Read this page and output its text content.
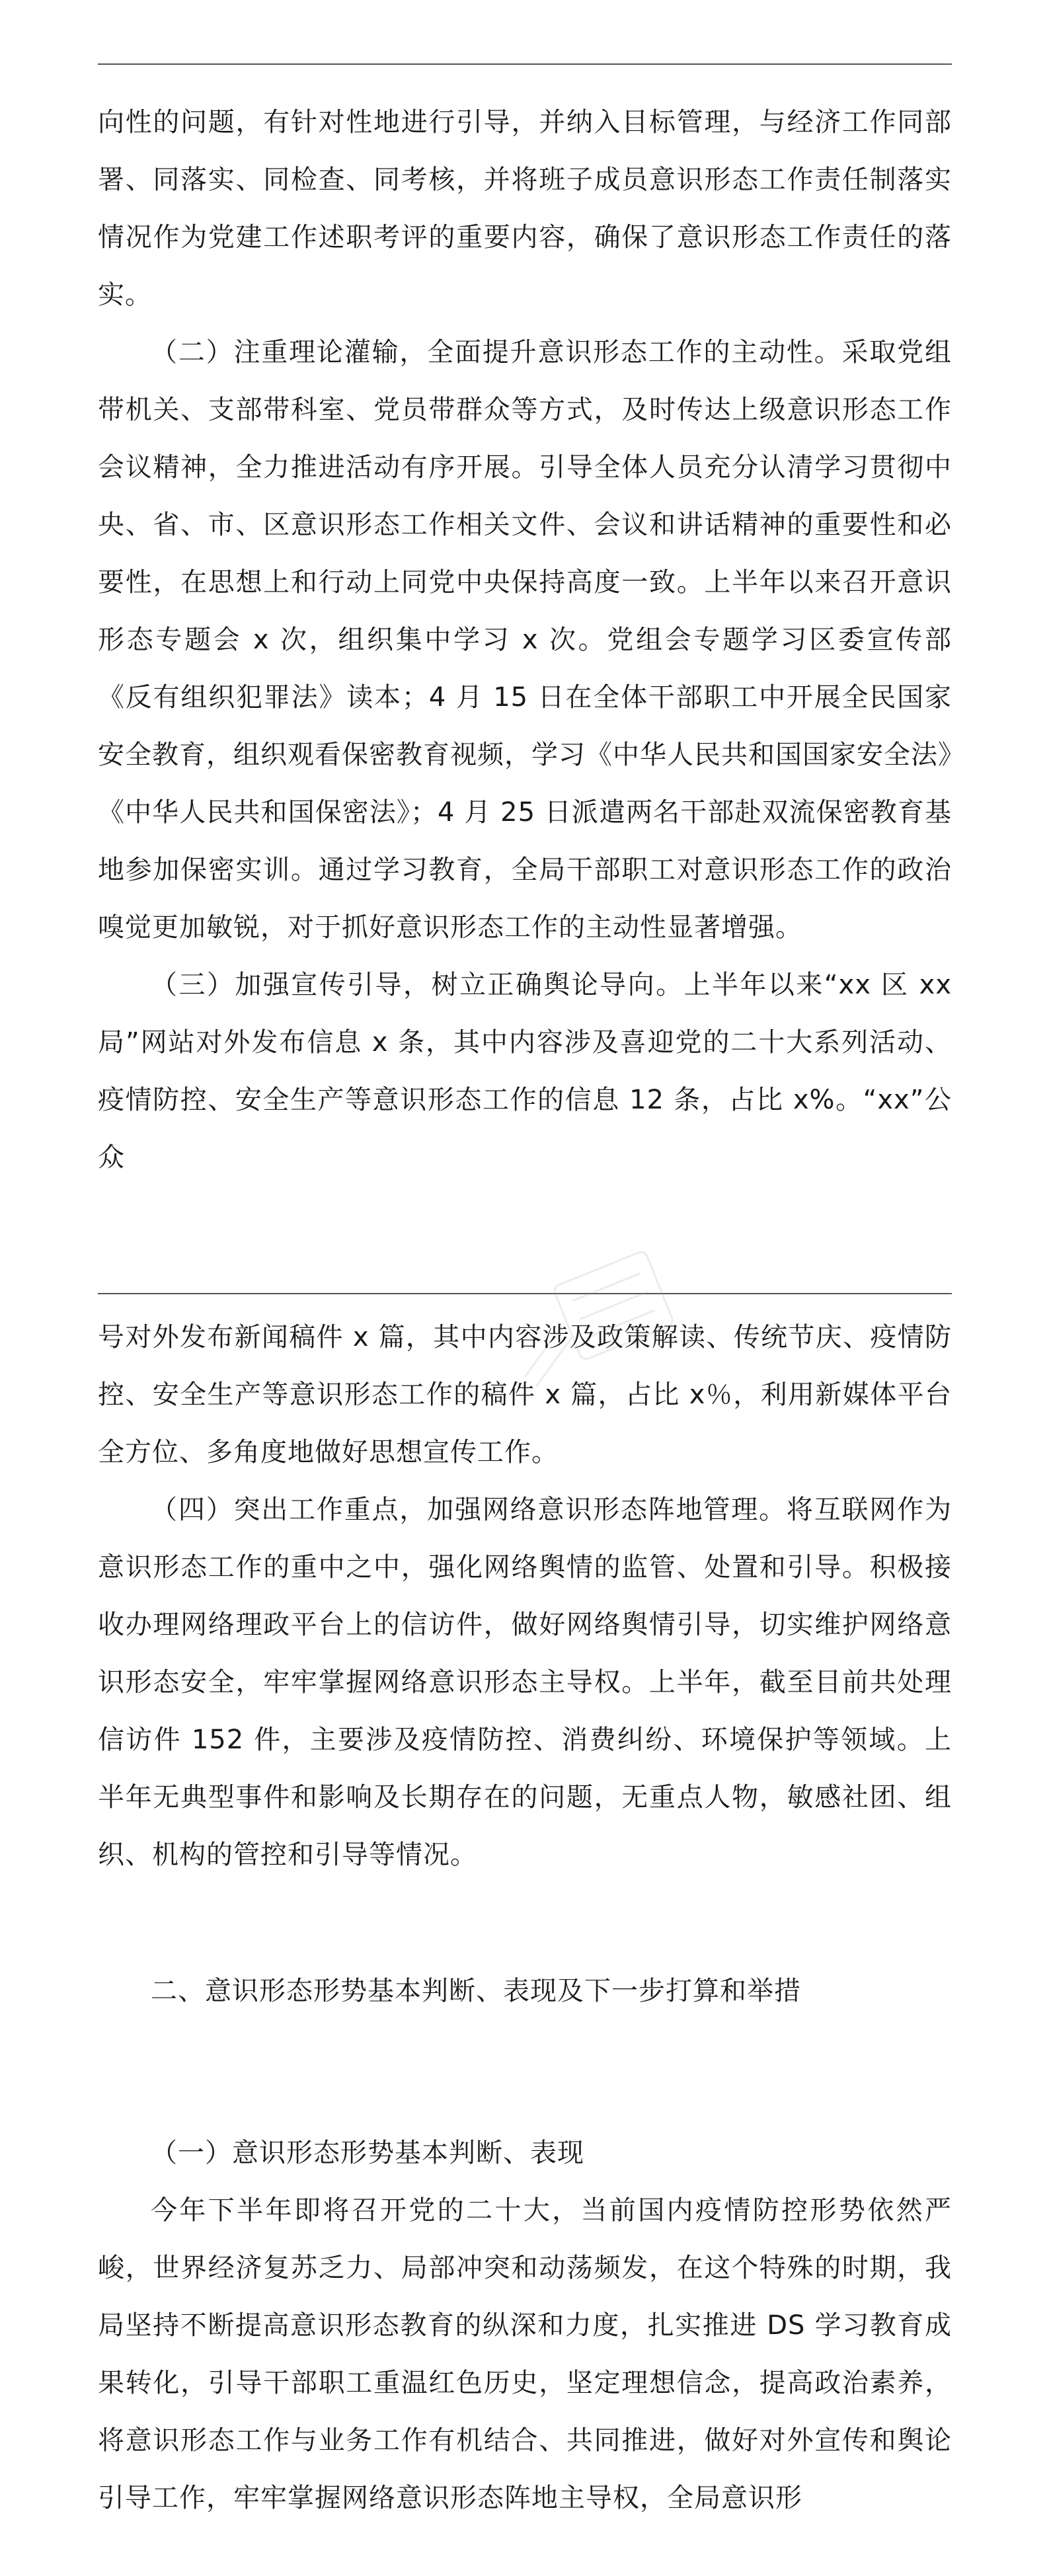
向性的问题，有针对性地进行引导，并纳入目标管理，与经济工作同部署、同落实、同检查、同考核，并将班子成员意识形态工作责任制落实情况作为党建工作述职考评的重要内容，确保了意识形态工作责任的落实。

（二）注重理论灌输，全面提升意识形态工作的主动性。采取党组带机关、支部带科室、党员带群众等方式，及时传达上级意识形态工作会议精神，全力推进活动有序开展。引导全体人员充分认清学习贯彻中央、省、市、区意识形态工作相关文件、会议和讲话精神的重要性和必要性，在思想上和行动上同党中央保持高度一致。上半年以来召开意识形态专题会 x 次，组织集中学习 x 次。党组会专题学习区委宣传部《反有组织犯罪法》读本；4 月 15 日在全体干部职工中开展全民国家安全教育，组织观看保密教育视频，学习《中华人民共和国国家安全法》《中华人民共和国保密法》；4 月 25 日派遣两名干部赴双流保密教育基地参加保密实训。通过学习教育，全局干部职工对意识形态工作的政治嗅觉更加敏锐，对于抓好意识形态工作的主动性显著增强。

（三）加强宣传引导，树立正确舆论导向。上半年以来“xx 区 xx 局”网站对外发布信息 x 条，其中内容涉及喜迎党的二十大系列活动、疫情防控、安全生产等意识形态工作的信息 12 条，占比 x%。“xx”公众

号对外发布新闻稿件 x 篇，其中内容涉及政策解读、传统节庆、疫情防控、安全生产等意识形态工作的稿件 x 篇，占比 x％，利用新媒体平台全方位、多角度地做好思想宣传工作。

（四）突出工作重点，加强网络意识形态阵地管理。将互联网作为意识形态工作的重中之中，强化网络舆情的监管、处置和引导。积极接收办理网络理政平台上的信访件，做好网络舆情引导，切实维护网络意识形态安全，牢牢掌握网络意识形态主导权。上半年，截至目前共处理信访件 152 件，主要涉及疫情防控、消费纠纷、环境保护等领域。上半年无典型事件和影响及长期存在的问题，无重点人物，敏感社团、组织、机构的管控和引导等情况。

二、意识形态形势基本判断、表现及下一步打算和举措

（一）意识形态形势基本判断、表现

今年下半年即将召开党的二十大，当前国内疫情防控形势依然严峻，世界经济复苏乏力、局部冲突和动荡频发，在这个特殊的时期，我局坚持不断提高意识形态教育的纵深和力度，扎实推进 DS 学习教育成果转化，引导干部职工重温红色历史，坚定理想信念，提高政治素养，将意识形态工作与业务工作有机结合、共同推进，做好对外宣传和舆论引导工作，牢牢掌握网络意识形态阵地主导权，全局意识形
